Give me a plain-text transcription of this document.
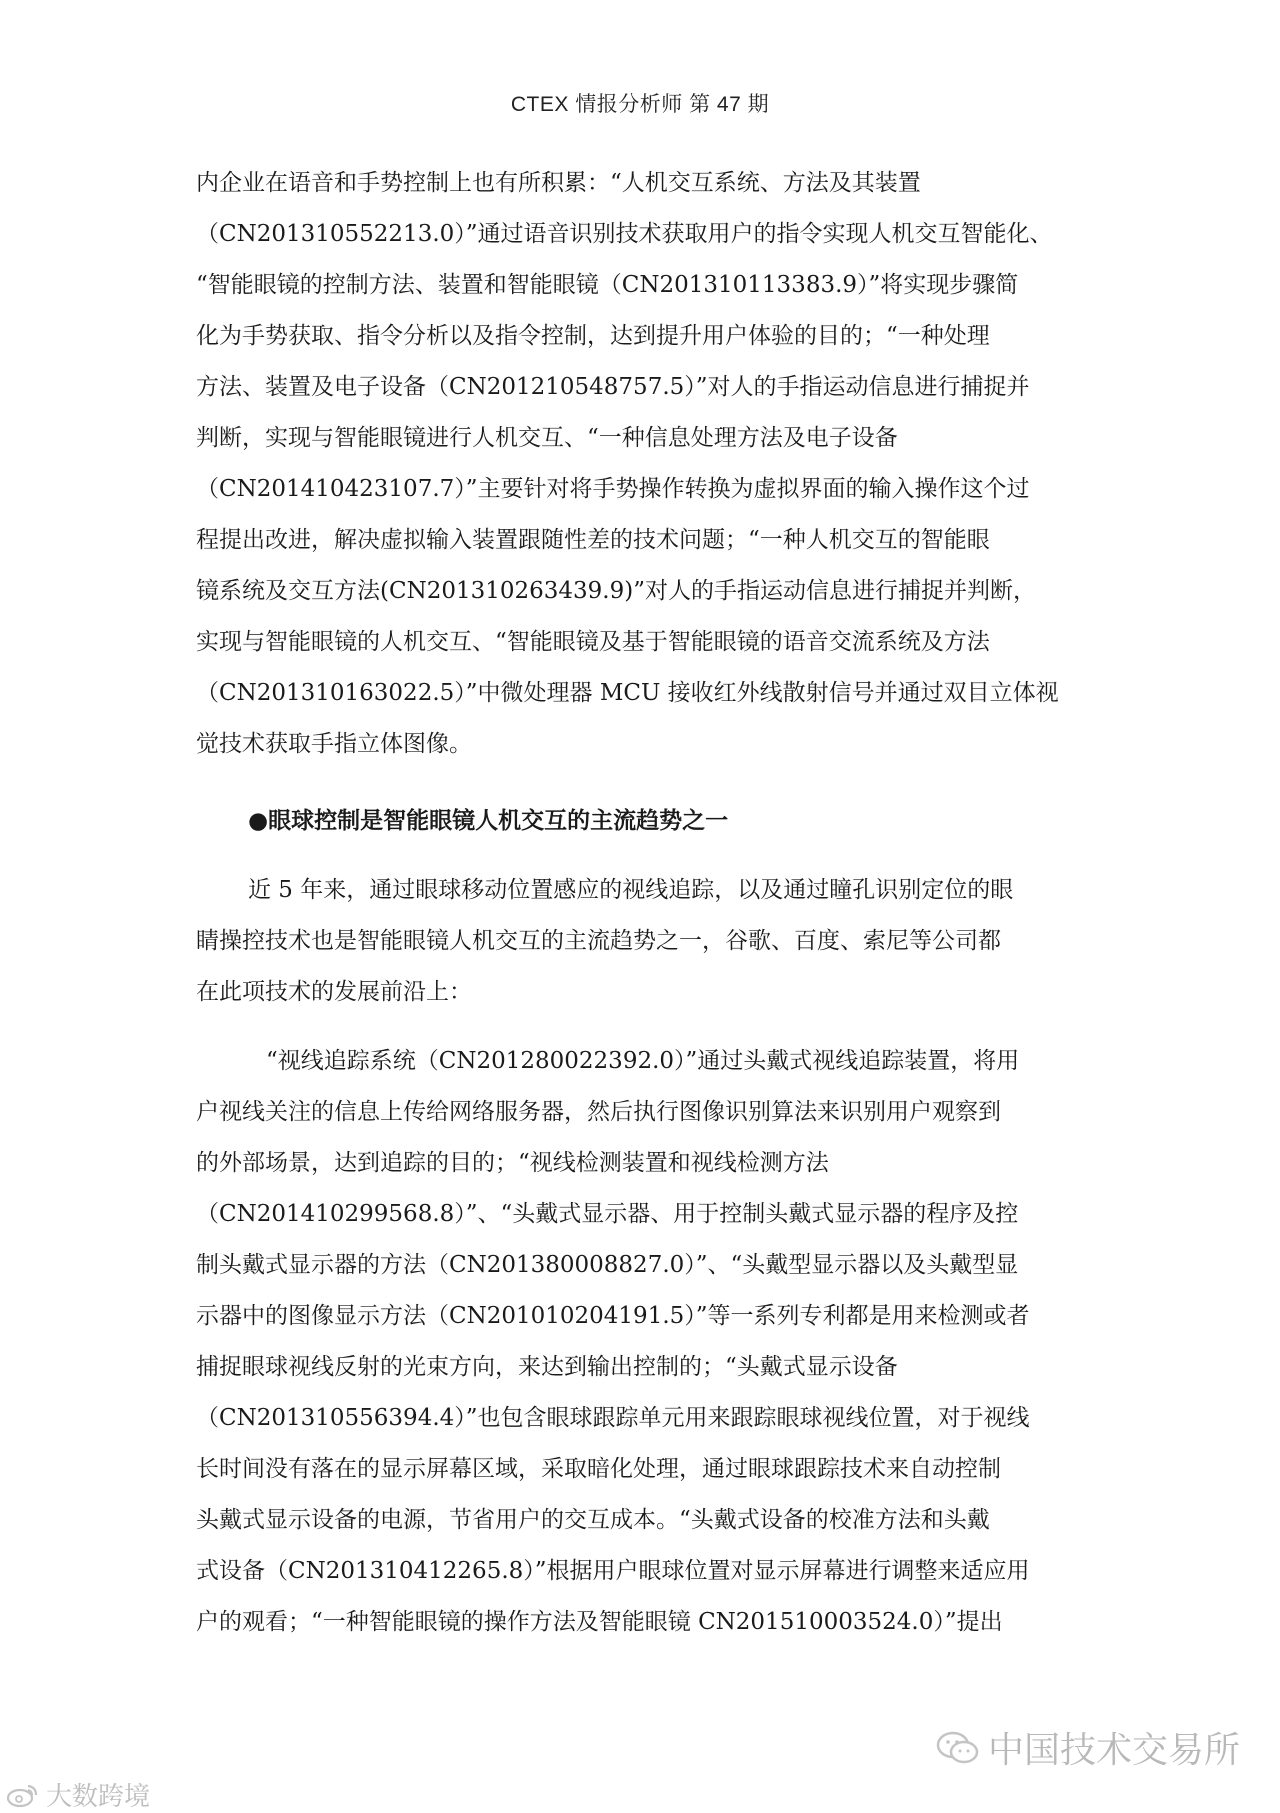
CTEX 情报分析师 第 47 期
内企业在语音和手势控制上也有所积累：“人机交互系统、方法及其装置
（CN201310552213.0）”通过语音识别技术获取用户的指令实现人机交互智能化、
“智能眼镜的控制方法、装置和智能眼镜（CN201310113383.9）”将实现步骤简
化为手势获取、指令分析以及指令控制，达到提升用户体验的目的；“一种处理
方法、装置及电子设备（CN201210548757.5）”对人的手指运动信息进行捕捉并
判断，实现与智能眼镜进行人机交互、“一种信息处理方法及电子设备
（CN201410423107.7）”主要针对将手势操作转换为虚拟界面的输入操作这个过
程提出改进，解决虚拟输入装置跟随性差的技术问题；“一种人机交互的智能眼
镜系统及交互方法(CN201310263439.9)”对人的手指运动信息进行捕捉并判断，
实现与智能眼镜的人机交互、“智能眼镜及基于智能眼镜的语音交流系统及方法
（CN201310163022.5）”中微处理器 MCU 接收红外线散射信号并通过双目立体视
觉技术获取手指立体图像。
●眼球控制是智能眼镜人机交互的主流趋势之一
近 5 年来，通过眼球移动位置感应的视线追踪，以及通过瞳孔识别定位的眼
睛操控技术也是智能眼镜人机交互的主流趋势之一，谷歌、百度、索尼等公司都
在此项技术的发展前沿上：
“视线追踪系统（CN201280022392.0）”通过头戴式视线追踪装置，将用
户视线关注的信息上传给网络服务器，然后执行图像识别算法来识别用户观察到
的外部场景，达到追踪的目的；“视线检测装置和视线检测方法
（CN201410299568.8）”、“头戴式显示器、用于控制头戴式显示器的程序及控
制头戴式显示器的方法（CN201380008827.0）”、“头戴型显示器以及头戴型显
示器中的图像显示方法（CN201010204191.5）”等一系列专利都是用来检测或者
捕捉眼球视线反射的光束方向，来达到输出控制的；“头戴式显示设备
（CN201310556394.4）”也包含眼球跟踪单元用来跟踪眼球视线位置，对于视线
长时间没有落在的显示屏幕区域，采取暗化处理，通过眼球跟踪技术来自动控制
头戴式显示设备的电源，节省用户的交互成本。“头戴式设备的校准方法和头戴
式设备（CN201310412265.8）”根据用户眼球位置对显示屏幕进行调整来适应用
户的观看；“一种智能眼镜的操作方法及智能眼镜 CN201510003524.0）”提出
中国技术交易所
大数跨境
